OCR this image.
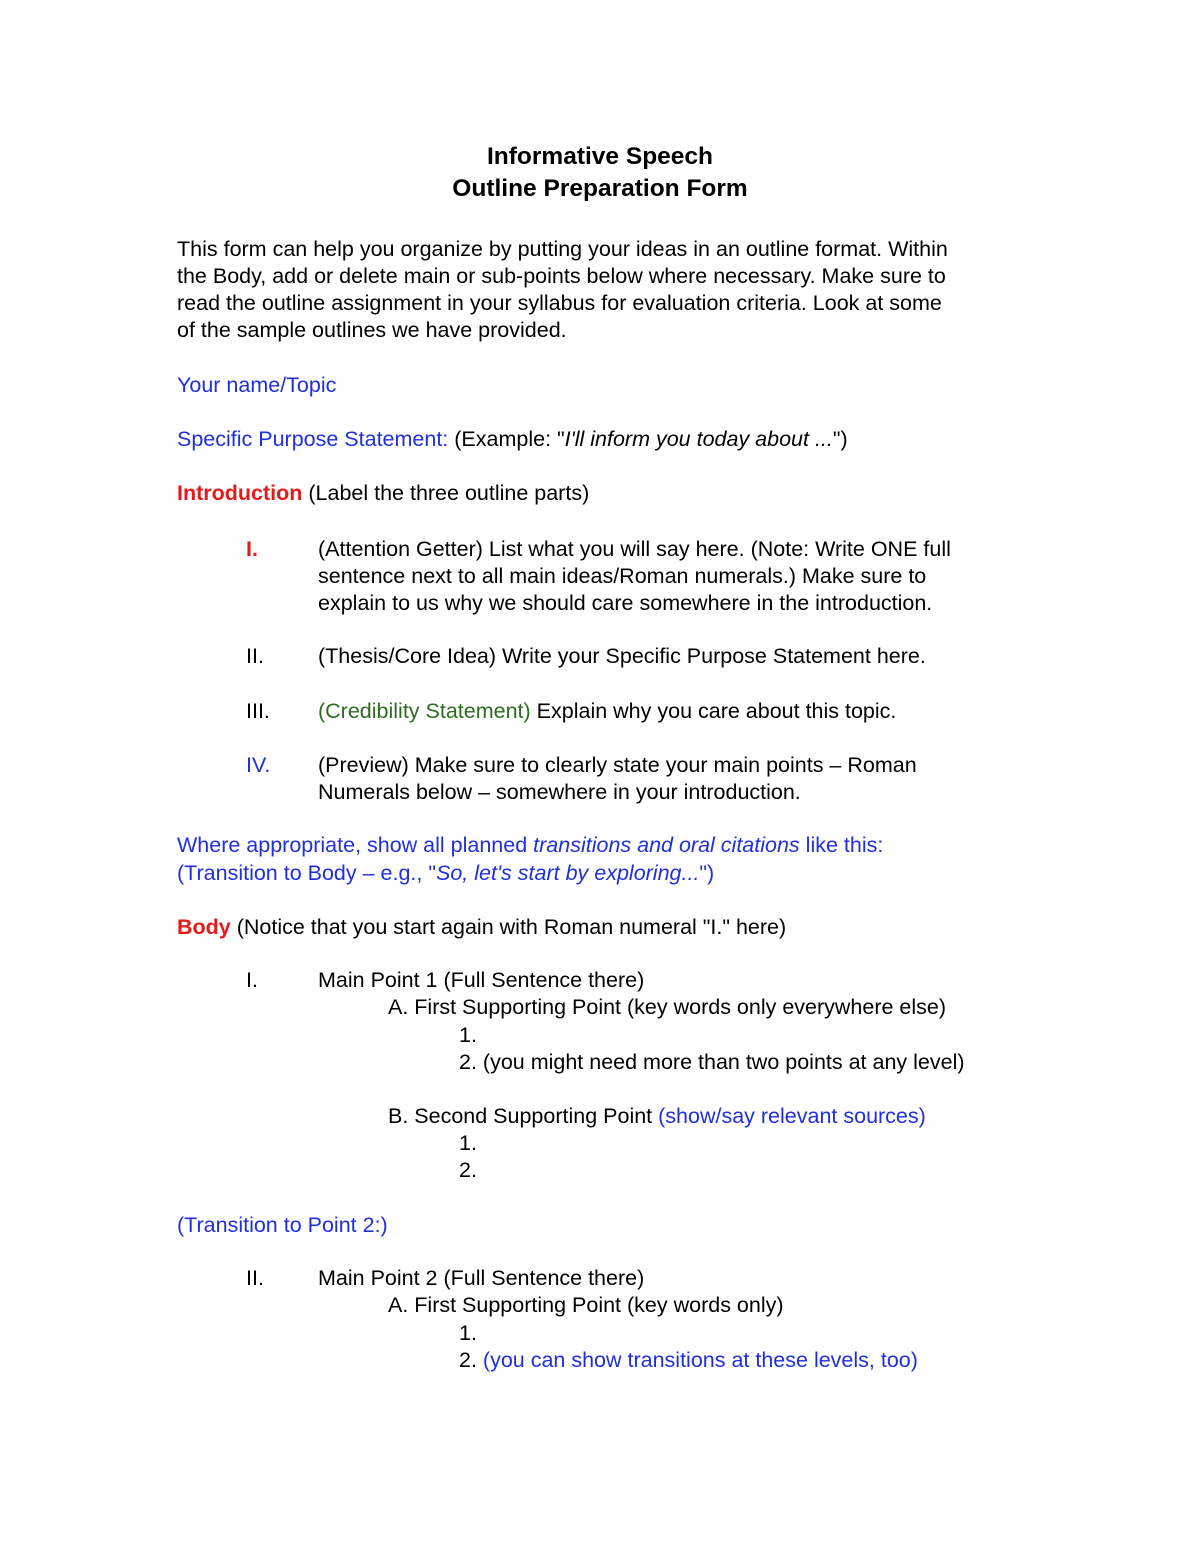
Informative Speech
Outline Preparation Form
This form can help you organize by putting your ideas in an outline format. Within
the Body, add or delete main or sub-points below where necessary. Make sure to
read the outline assignment in your syllabus for evaluation criteria. Look at some
of the sample outlines we have provided.
Your name/Topic
Specific Purpose Statement: (Example: "I'll inform you today about ...")
Introduction (Label the three outline parts)
I.	(Attention Getter) List what you will say here. (Note: Write ONE full
sentence next to all main ideas/Roman numerals.) Make sure to
explain to us why we should care somewhere in the introduction.
II.	(Thesis/Core Idea) Write your Specific Purpose Statement here.
III. (Credibility Statement) Explain why you care about this topic.
IV. (Preview) Make sure to clearly state your main points – Roman
Numerals below – somewhere in your introduction.
Where appropriate, show all planned transitions and oral citations like this:
(Transition to Body – e.g., "So, let's start by exploring...")
Body (Notice that you start again with Roman numeral "I." here)
I.	Main Point 1 (Full Sentence there)
A. First Supporting Point (key words only everywhere else)
1.
2. (you might need more than two points at any level)
B. Second Supporting Point (show/say relevant sources)
1.
2.
(Transition to Point 2:)
II.	Main Point 2 (Full Sentence there)
A. First Supporting Point (key words only)
1.
2. (you can show transitions at these levels, too)
